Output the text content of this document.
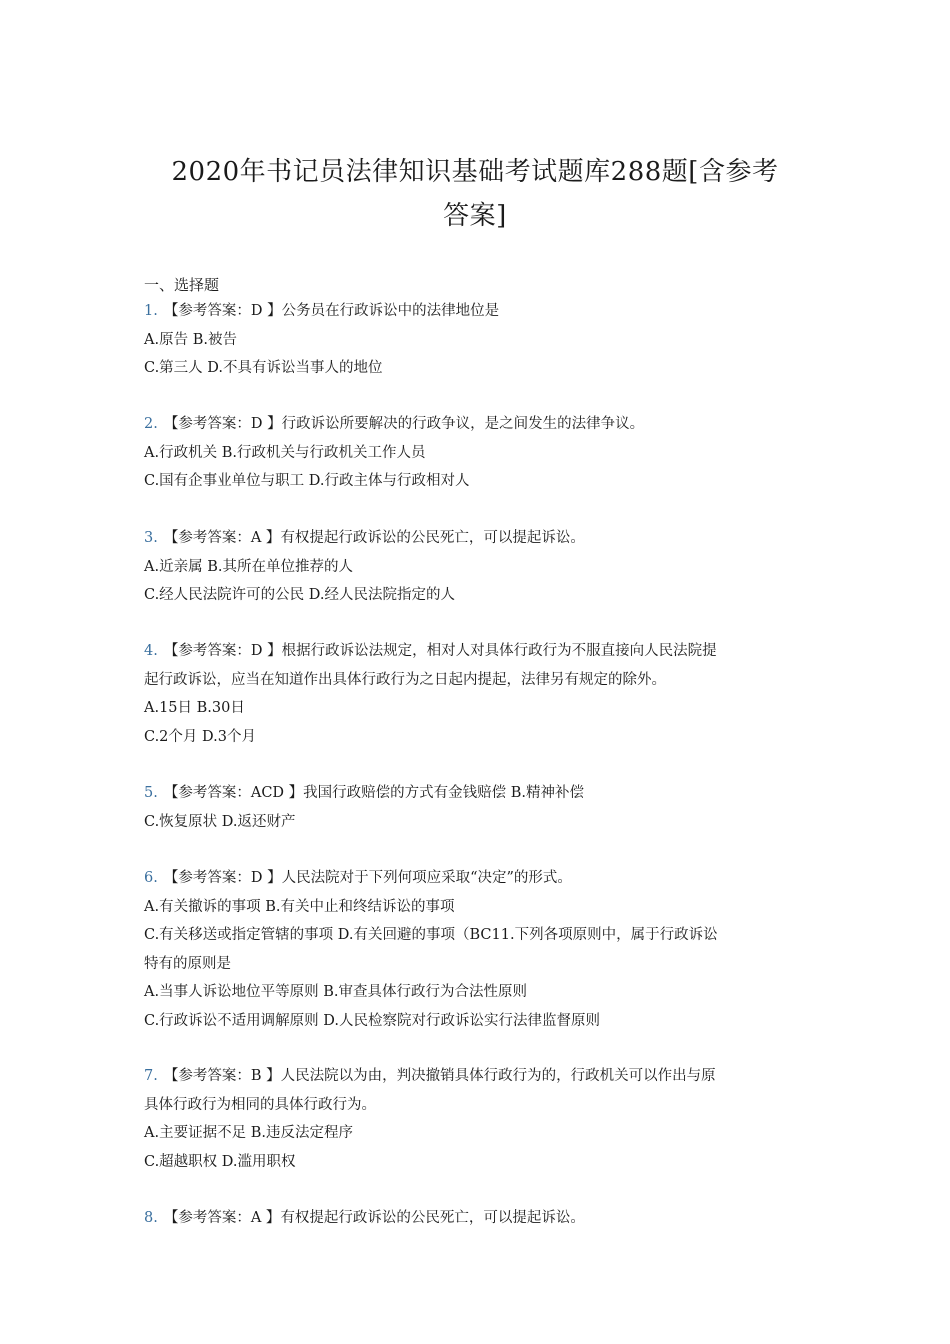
2020年书记员法律知识基础考试题库288题[含参考
答案]
一、选择题
1. 【参考答案：D 】公务员在行政诉讼中的法律地位是
A.原告 B.被告
C.第三人 D.不具有诉讼当事人的地位
2. 【参考答案：D 】行政诉讼所要解决的行政争议，是之间发生的法律争议。
A.行政机关 B.行政机关与行政机关工作人员
C.国有企事业单位与职工 D.行政主体与行政相对人
3. 【参考答案：A 】有权提起行政诉讼的公民死亡，可以提起诉讼。
A.近亲属 B.其所在单位推荐的人
C.经人民法院许可的公民 D.经人民法院指定的人
4. 【参考答案：D 】根据行政诉讼法规定，相对人对具体行政行为不服直接向人民法院提
起行政诉讼，应当在知道作出具体行政行为之日起内提起，法律另有规定的除外。
A.15日 B.30日
C.2个月 D.3个月
5. 【参考答案：ACD 】我国行政赔偿的方式有金钱赔偿 B.精神补偿
C.恢复原状 D.返还财产
6. 【参考答案：D 】人民法院对于下列何项应采取“决定”的形式。
A.有关撤诉的事项 B.有关中止和终结诉讼的事项
C.有关移送或指定管辖的事项 D.有关回避的事项（BC11.下列各项原则中，属于行政诉讼
特有的原则是
A.当事人诉讼地位平等原则 B.审查具体行政行为合法性原则
C.行政诉讼不适用调解原则 D.人民检察院对行政诉讼实行法律监督原则
7. 【参考答案：B 】人民法院以为由，判决撤销具体行政行为的，行政机关可以作出与原
具体行政行为相同的具体行政行为。
A.主要证据不足 B.违反法定程序
C.超越职权 D.滥用职权
8. 【参考答案：A 】有权提起行政诉讼的公民死亡，可以提起诉讼。
